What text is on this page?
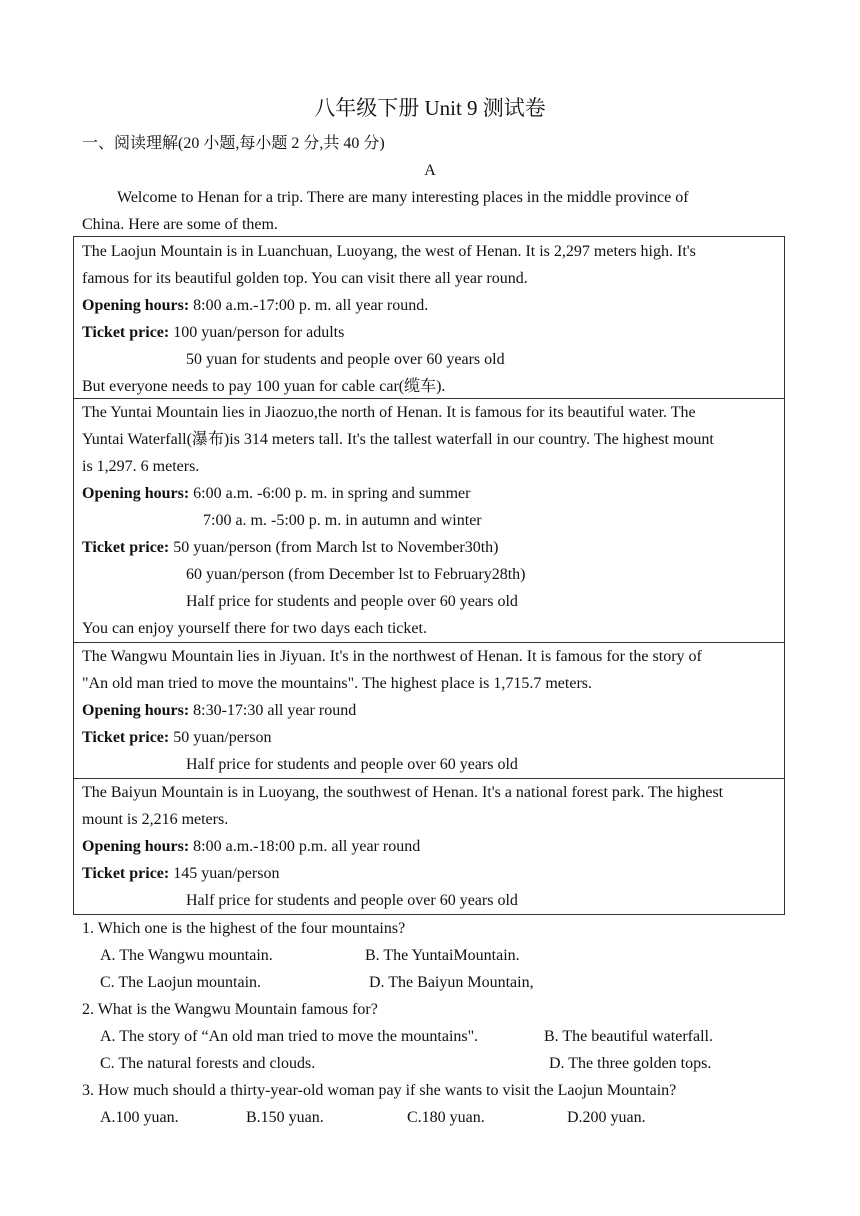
八年级下册 Unit 9 测试卷
一、阅读理解(20 小题,每小题 2 分,共 40 分)
A
Welcome to Henan for a trip. There are many interesting places in the middle province of
China. Here are some of them.
The Laojun Mountain is in Luanchuan, Luoyang, the west of Henan. It is 2,297 meters high. It's
famous for its beautiful golden top. You can visit there all year round.
Opening hours: 8:00 a.m.-17:00 p. m. all year round.
Ticket price: 100 yuan/person for adults
50 yuan for students and people over 60 years old
But everyone needs to pay 100 yuan for cable car(缆车).
The Yuntai Mountain lies in Jiaozuo,the north of Henan. It is famous for its beautiful water. The
Yuntai Waterfall(瀑布)is 314 meters tall. It's the tallest waterfall in our country. The highest mount
is 1,297. 6 meters.
Opening hours: 6:00 a.m. -6:00 p. m. in spring and summer
7:00 a. m. -5:00 p. m. in autumn and winter
Ticket price: 50 yuan/person (from March lst to November30th)
60 yuan/person (from December lst to February28th)
Half price for students and people over 60 years old
You can enjoy yourself there for two days each ticket.
The Wangwu Mountain lies in Jiyuan. It's in the northwest of Henan. It is famous for the story of
"An old man tried to move the mountains". The highest place is 1,715.7 meters.
Opening hours: 8:30-17:30 all year round
Ticket price: 50 yuan/person
Half price for students and people over 60 years old
The Baiyun Mountain is in Luoyang, the southwest of Henan. It's a national forest park. The highest
mount is 2,216 meters.
Opening hours: 8:00 a.m.-18:00 p.m. all year round
Ticket price: 145 yuan/person
Half price for students and people over 60 years old
1. Which one is the highest of the four mountains?
A. The Wangwu mountain.	B. The YuntaiMountain.
C. The Laojun mountain.	D. The Baiyun Mountain,
2. What is the Wangwu Mountain famous for?
A. The story of “An old man tried to move the mountains".	B. The beautiful waterfall.
C. The natural forests and clouds.	D. The three golden tops.
3. How much should a thirty-year-old woman pay if she wants to visit the Laojun Mountain?
A.100 yuan.	B.150 yuan.	C.180 yuan.	D.200 yuan.
